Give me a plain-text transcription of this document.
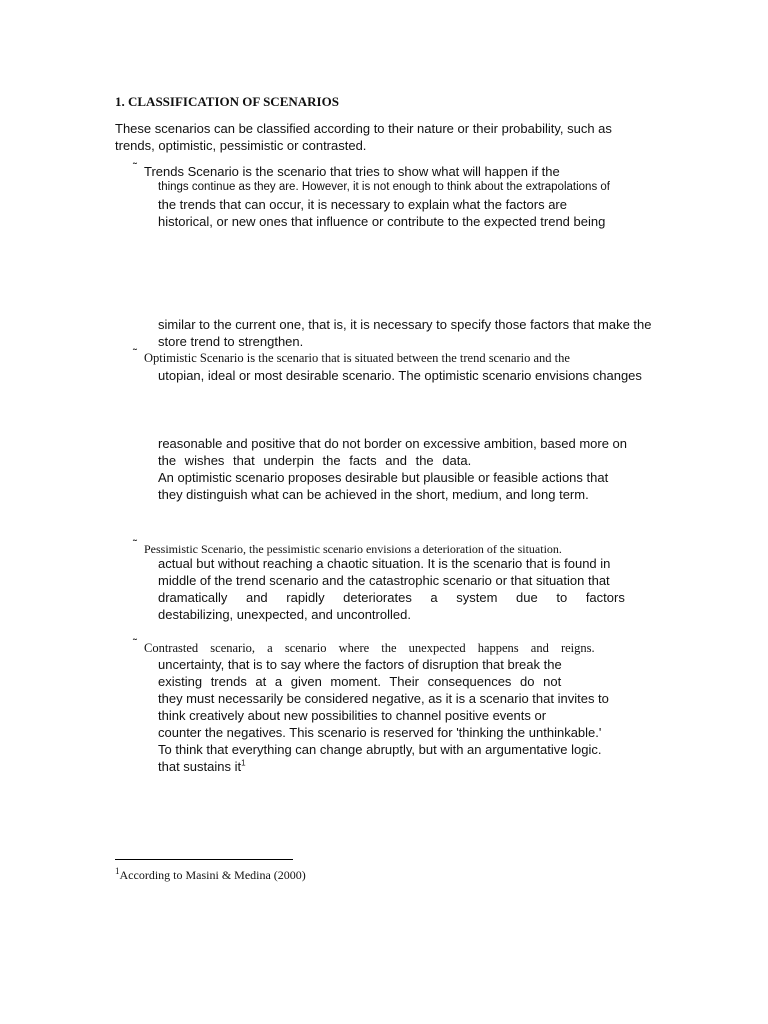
1. CLASSIFICATION OF SCENARIOS

These scenarios can be classified according to their nature or their probability, such as

trends, optimistic, pessimistic or contrasted.

˜ Trends Scenario is the scenario that tries to show what will happen if the

things continue as they are. However, it is not enough to think about the extrapolations of

the trends that can occur, it is necessary to explain what the factors are

historical, or new ones that influence or contribute to the expected trend being

similar to the current one, that is, it is necessary to specify those factors that make the

store trend to strengthen.

˜ Optimistic Scenario is the scenario that is situated between the trend scenario and the

utopian, ideal or most desirable scenario. The optimistic scenario envisions changes

reasonable and positive that do not border on excessive ambition, based more on

the wishes that underpin the facts and the data.

An optimistic scenario proposes desirable but plausible or feasible actions that

they distinguish what can be achieved in the short, medium, and long term.

˜ Pessimistic Scenario, the pessimistic scenario envisions a deterioration of the situation.

actual but without reaching a chaotic situation. It is the scenario that is found in

middle of the trend scenario and the catastrophic scenario or that situation that

dramatically and rapidly deteriorates a system due to factors

destabilizing, unexpected, and uncontrolled.

˜ Contrasted scenario, a scenario where the unexpected happens and reigns.

uncertainty, that is to say where the factors of disruption that break the

existing trends at a given moment. Their consequences do not

they must necessarily be considered negative, as it is a scenario that invites to

think creatively about new possibilities to channel positive events or

counter the negatives. This scenario is reserved for 'thinking the unthinkable.'

To think that everything can change abruptly, but with an argumentative logic.

that sustains $it^1$

$^1$According to Masini & Medina (2000)
